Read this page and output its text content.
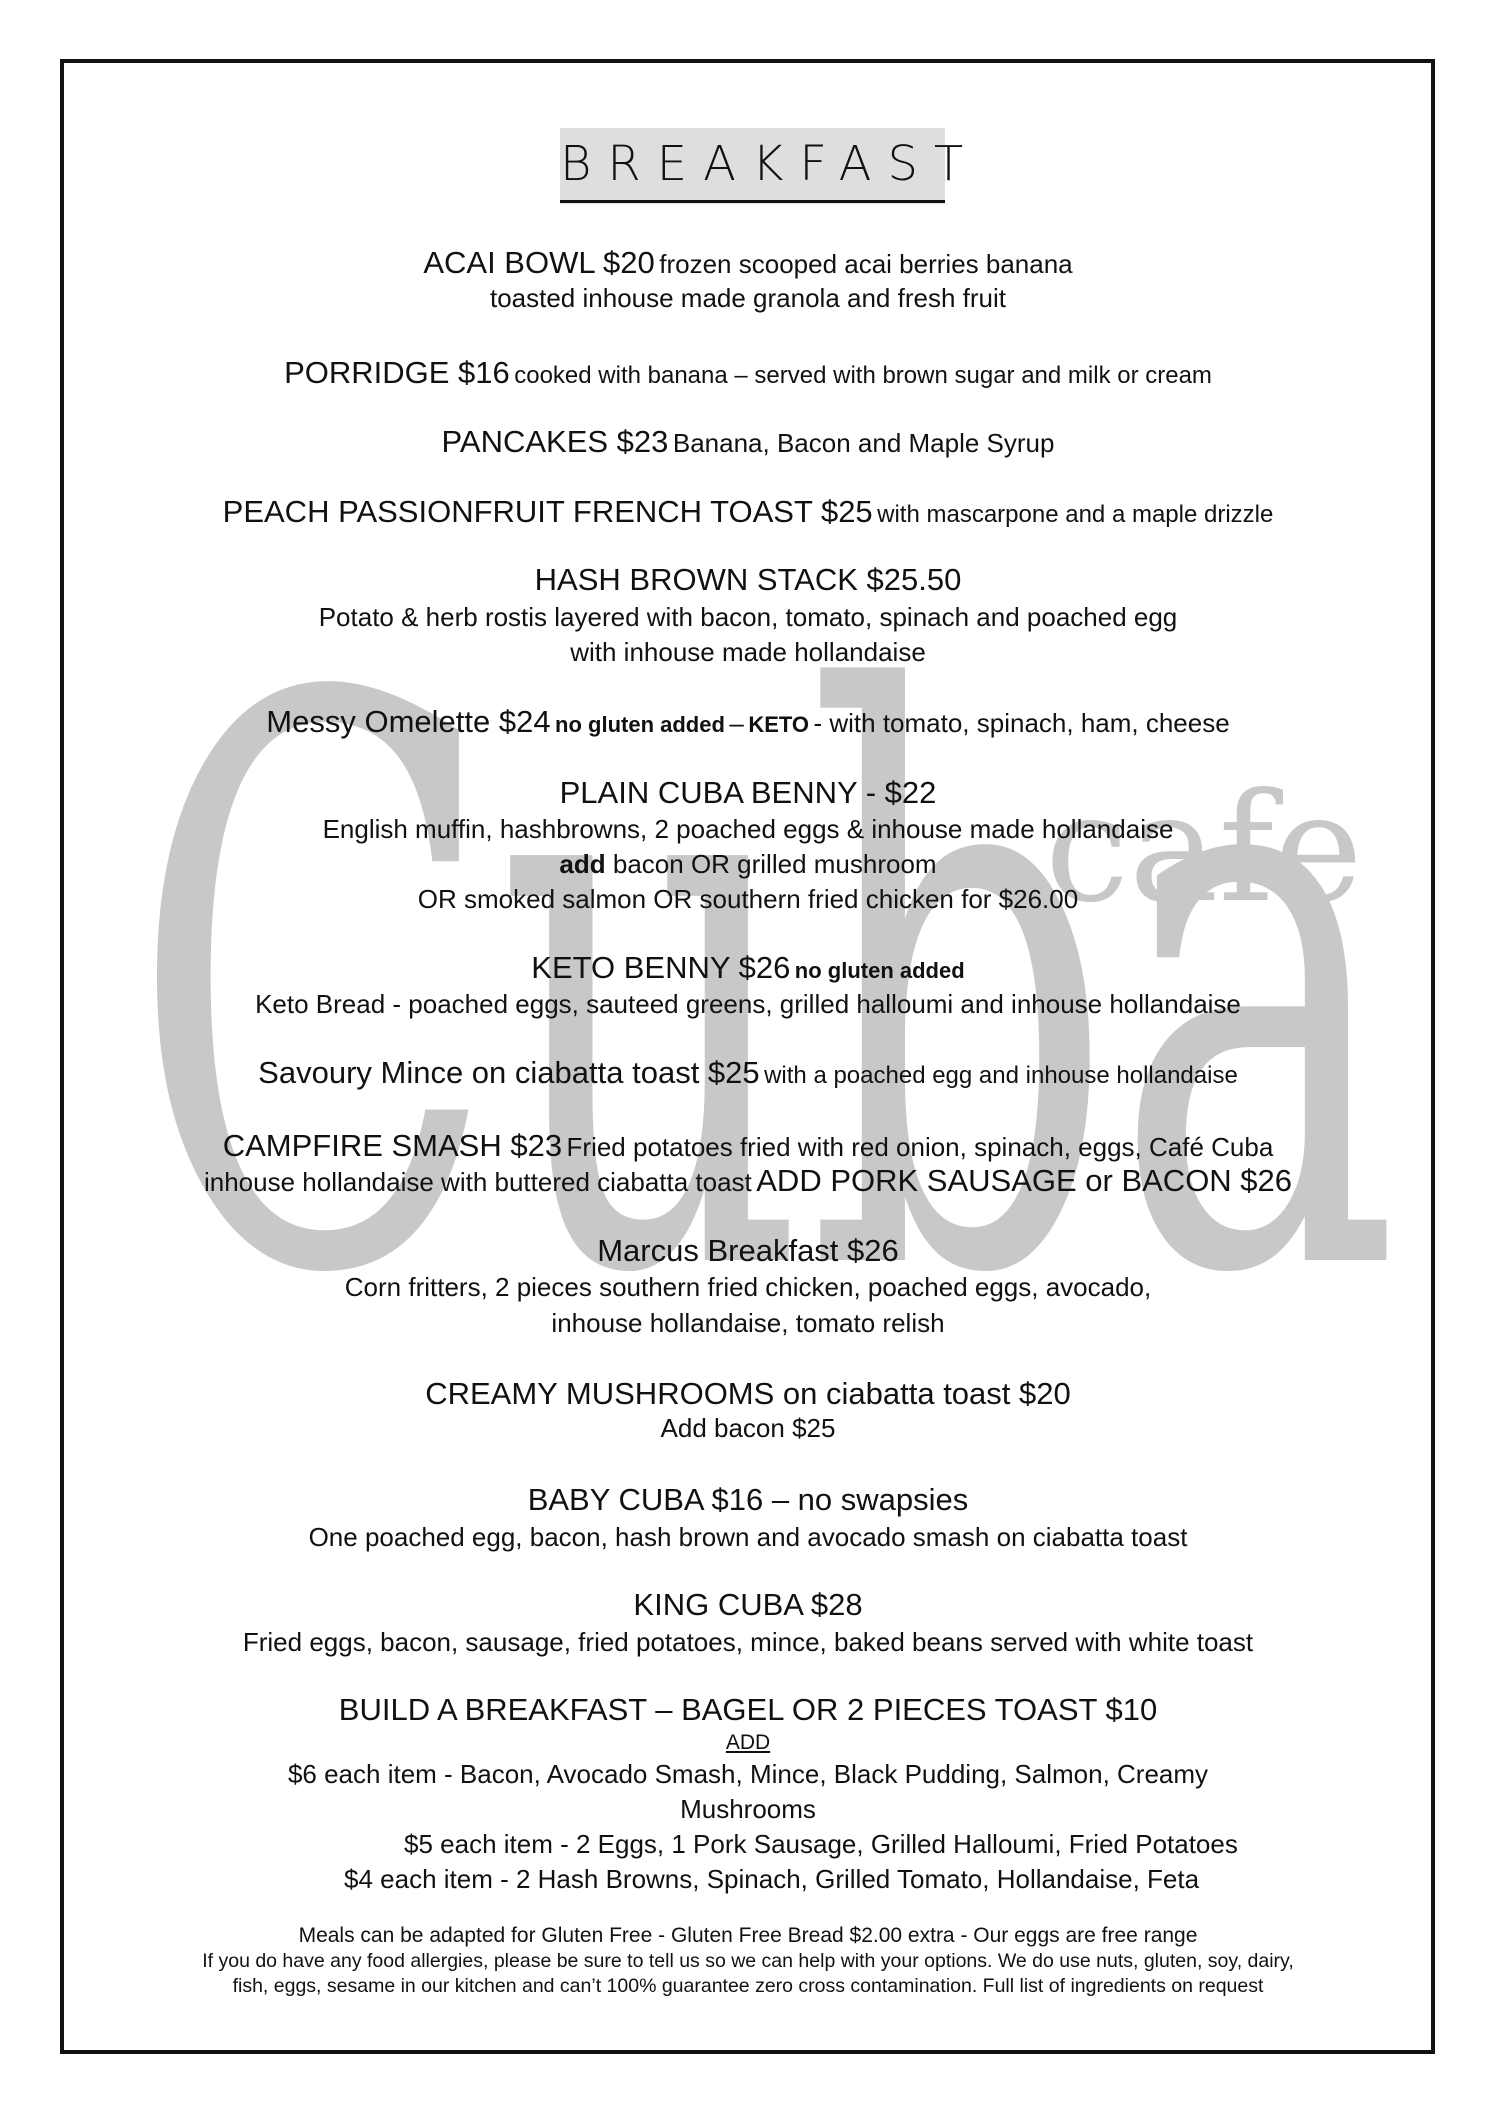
Cuba
cafe
BREAKFAST
ACAI BOWL $20 frozen scooped acai berries banana
toasted inhouse made granola and fresh fruit
PORRIDGE $16 cooked with banana – served with brown sugar and milk or cream
PANCAKES $23 Banana, Bacon and Maple Syrup
PEACH PASSIONFRUIT FRENCH TOAST $25 with mascarpone and a maple drizzle
HASH BROWN STACK $25.50
Potato & herb rostis layered with bacon, tomato, spinach and poached egg
with inhouse made hollandaise
Messy Omelette $24 no gluten added – KETO - with tomato, spinach, ham, cheese
PLAIN CUBA BENNY - $22
English muffin, hashbrowns, 2 poached eggs & inhouse made hollandaise
add bacon OR grilled mushroom
OR smoked salmon OR southern fried chicken for $26.00
KETO BENNY $26 no gluten added
Keto Bread - poached eggs, sauteed greens, grilled halloumi and inhouse hollandaise
Savoury Mince on ciabatta toast $25 with a poached egg and inhouse hollandaise
CAMPFIRE SMASH $23 Fried potatoes fried with red onion, spinach, eggs, Café Cuba
inhouse hollandaise with buttered ciabatta toast ADD PORK SAUSAGE or BACON $26
Marcus Breakfast $26
Corn fritters, 2 pieces southern fried chicken, poached eggs, avocado,
inhouse hollandaise, tomato relish
CREAMY MUSHROOMS on ciabatta toast $20
Add bacon $25
BABY CUBA $16 – no swapsies
One poached egg, bacon, hash brown and avocado smash on ciabatta toast
KING CUBA $28
Fried eggs, bacon, sausage, fried potatoes, mince, baked beans served with white toast
BUILD A BREAKFAST – BAGEL OR 2 PIECES TOAST $10
ADD
$6 each item - Bacon, Avocado Smash, Mince, Black Pudding, Salmon, Creamy
Mushrooms
$5 each item - 2 Eggs, 1 Pork Sausage, Grilled Halloumi, Fried Potatoes
$4 each item - 2 Hash Browns, Spinach, Grilled Tomato, Hollandaise, Feta
Meals can be adapted for Gluten Free - Gluten Free Bread $2.00 extra - Our eggs are free range
If you do have any food allergies, please be sure to tell us so we can help with your options. We do use nuts, gluten, soy, dairy,
fish, eggs, sesame in our kitchen and can’t 100% guarantee zero cross contamination. Full list of ingredients on request
